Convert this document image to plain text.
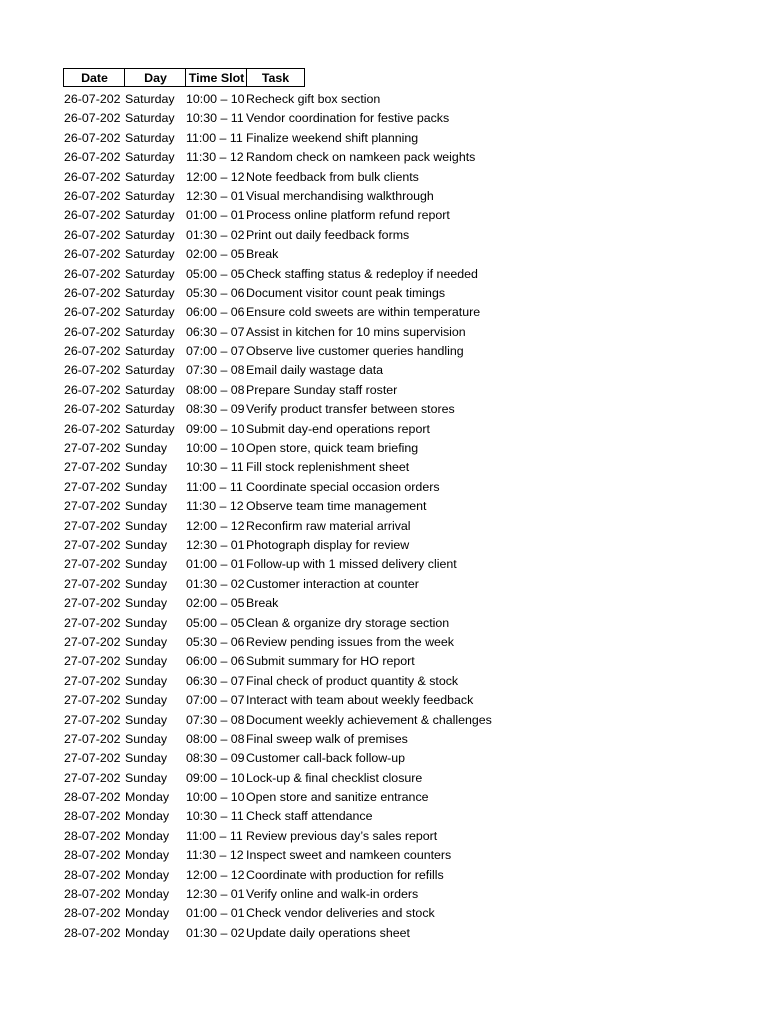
Date	Day	Time Slot	Task
26-07-202 Saturday 10:00 – 10 Recheck gift box section
26-07-202 Saturday 10:30 – 11 Vendor coordination for festive packs
26-07-202 Saturday 11:00 – 11 Finalize weekend shift planning
26-07-202 Saturday 11:30 – 12 Random check on namkeen pack weights
26-07-202 Saturday 12:00 – 12 Note feedback from bulk clients
26-07-202 Saturday 12:30 – 01 Visual merchandising walkthrough
26-07-202 Saturday 01:00 – 01 Process online platform refund report
26-07-202 Saturday 01:30 – 02 Print out daily feedback forms
26-07-202 Saturday 02:00 – 05 Break
26-07-202 Saturday 05:00 – 05 Check staffing status & redeploy if needed
26-07-202 Saturday 05:30 – 06 Document visitor count peak timings
26-07-202 Saturday 06:00 – 06 Ensure cold sweets are within temperature
26-07-202 Saturday 06:30 – 07 Assist in kitchen for 10 mins supervision
26-07-202 Saturday 07:00 – 07 Observe live customer queries handling
26-07-202 Saturday 07:30 – 08 Email daily wastage data
26-07-202 Saturday 08:00 – 08 Prepare Sunday staff roster
26-07-202 Saturday 08:30 – 09 Verify product transfer between stores
26-07-202 Saturday 09:00 – 10 Submit day-end operations report
27-07-202 Sunday	10:00 – 10 Open store, quick team briefing
27-07-202 Sunday	10:30 – 11 Fill stock replenishment sheet
27-07-202 Sunday	11:00 – 11 Coordinate special occasion orders
27-07-202 Sunday	11:30 – 12 Observe team time management
27-07-202 Sunday	12:00 – 12 Reconfirm raw material arrival
27-07-202 Sunday	12:30 – 01 Photograph display for review
27-07-202 Sunday	01:00 – 01 Follow-up with 1 missed delivery client
27-07-202 Sunday	01:30 – 02 Customer interaction at counter
27-07-202 Sunday	02:00 – 05 Break
27-07-202 Sunday	05:00 – 05 Clean & organize dry storage section
27-07-202 Sunday	05:30 – 06 Review pending issues from the week
27-07-202 Sunday	06:00 – 06 Submit summary for HO report
27-07-202 Sunday	06:30 – 07 Final check of product quantity & stock
27-07-202 Sunday	07:00 – 07 Interact with team about weekly feedback
27-07-202 Sunday	07:30 – 08 Document weekly achievement & challenges
27-07-202 Sunday	08:00 – 08 Final sweep walk of premises
27-07-202 Sunday	08:30 – 09 Customer call-back follow-up
27-07-202 Sunday	09:00 – 10 Lock-up & final checklist closure
28-07-202 Monday	10:00 – 10 Open store and sanitize entrance
28-07-202 Monday	10:30 – 11 Check staff attendance
28-07-202 Monday	11:00 – 11 Review previous day’s sales report
28-07-202 Monday	11:30 – 12 Inspect sweet and namkeen counters
28-07-202 Monday	12:00 – 12 Coordinate with production for refills
28-07-202 Monday	12:30 – 01 Verify online and walk-in orders
28-07-202 Monday	01:00 – 01 Check vendor deliveries and stock
28-07-202 Monday	01:30 – 02 Update daily operations sheet
